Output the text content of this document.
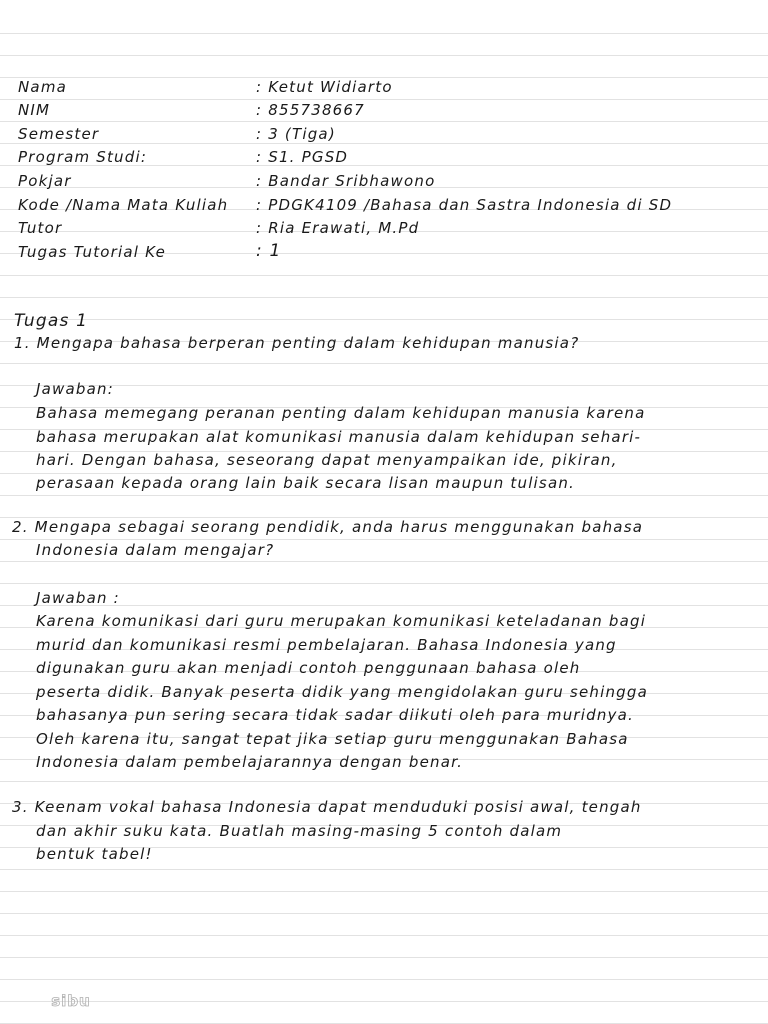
Nama	: Ketut Widiarto
NIM	: 855738667
Semester	: 3 (Tiga)
Program Studi:	: S1. PGSD
Pokjar	: Bandar Sribhawono
Kode /Nama Mata Kuliah : PDGK4109 /Bahasa dan Sastra Indonesia di SD
Tutor	: Ria Erawati, M.Pd
Tugas Tutorial Ke	: 1
Tugas 1
1. Mengapa bahasa berperan penting dalam kehidupan manusia?
Jawaban:
Bahasa memegang peranan penting dalam kehidupan manusia karena
bahasa merupakan alat komunikasi manusia dalam kehidupan sehari-
hari. Dengan bahasa, seseorang dapat menyampaikan ide, pikiran,
perasaan kepada orang lain baik secara lisan maupun tulisan.
2. Mengapa sebagai seorang pendidik, anda harus menggunakan bahasa
Indonesia dalam mengajar?
Jawaban :
Karena komunikasi dari guru merupakan komunikasi keteladanan bagi
murid dan komunikasi resmi pembelajaran. Bahasa Indonesia yang
digunakan guru akan menjadi contoh penggunaan bahasa oleh
peserta didik. Banyak peserta didik yang mengidolakan guru sehingga
bahasanya pun sering secara tidak sadar diikuti oleh para muridnya.
Oleh karena itu, sangat tepat jika setiap guru menggunakan Bahasa
Indonesia dalam pembelajarannya dengan benar.
3. Keenam vokal bahasa Indonesia dapat menduduki posisi awal, tengah
dan akhir suku kata. Buatlah masing-masing 5 contoh dalam
bentuk tabel!
sibu
